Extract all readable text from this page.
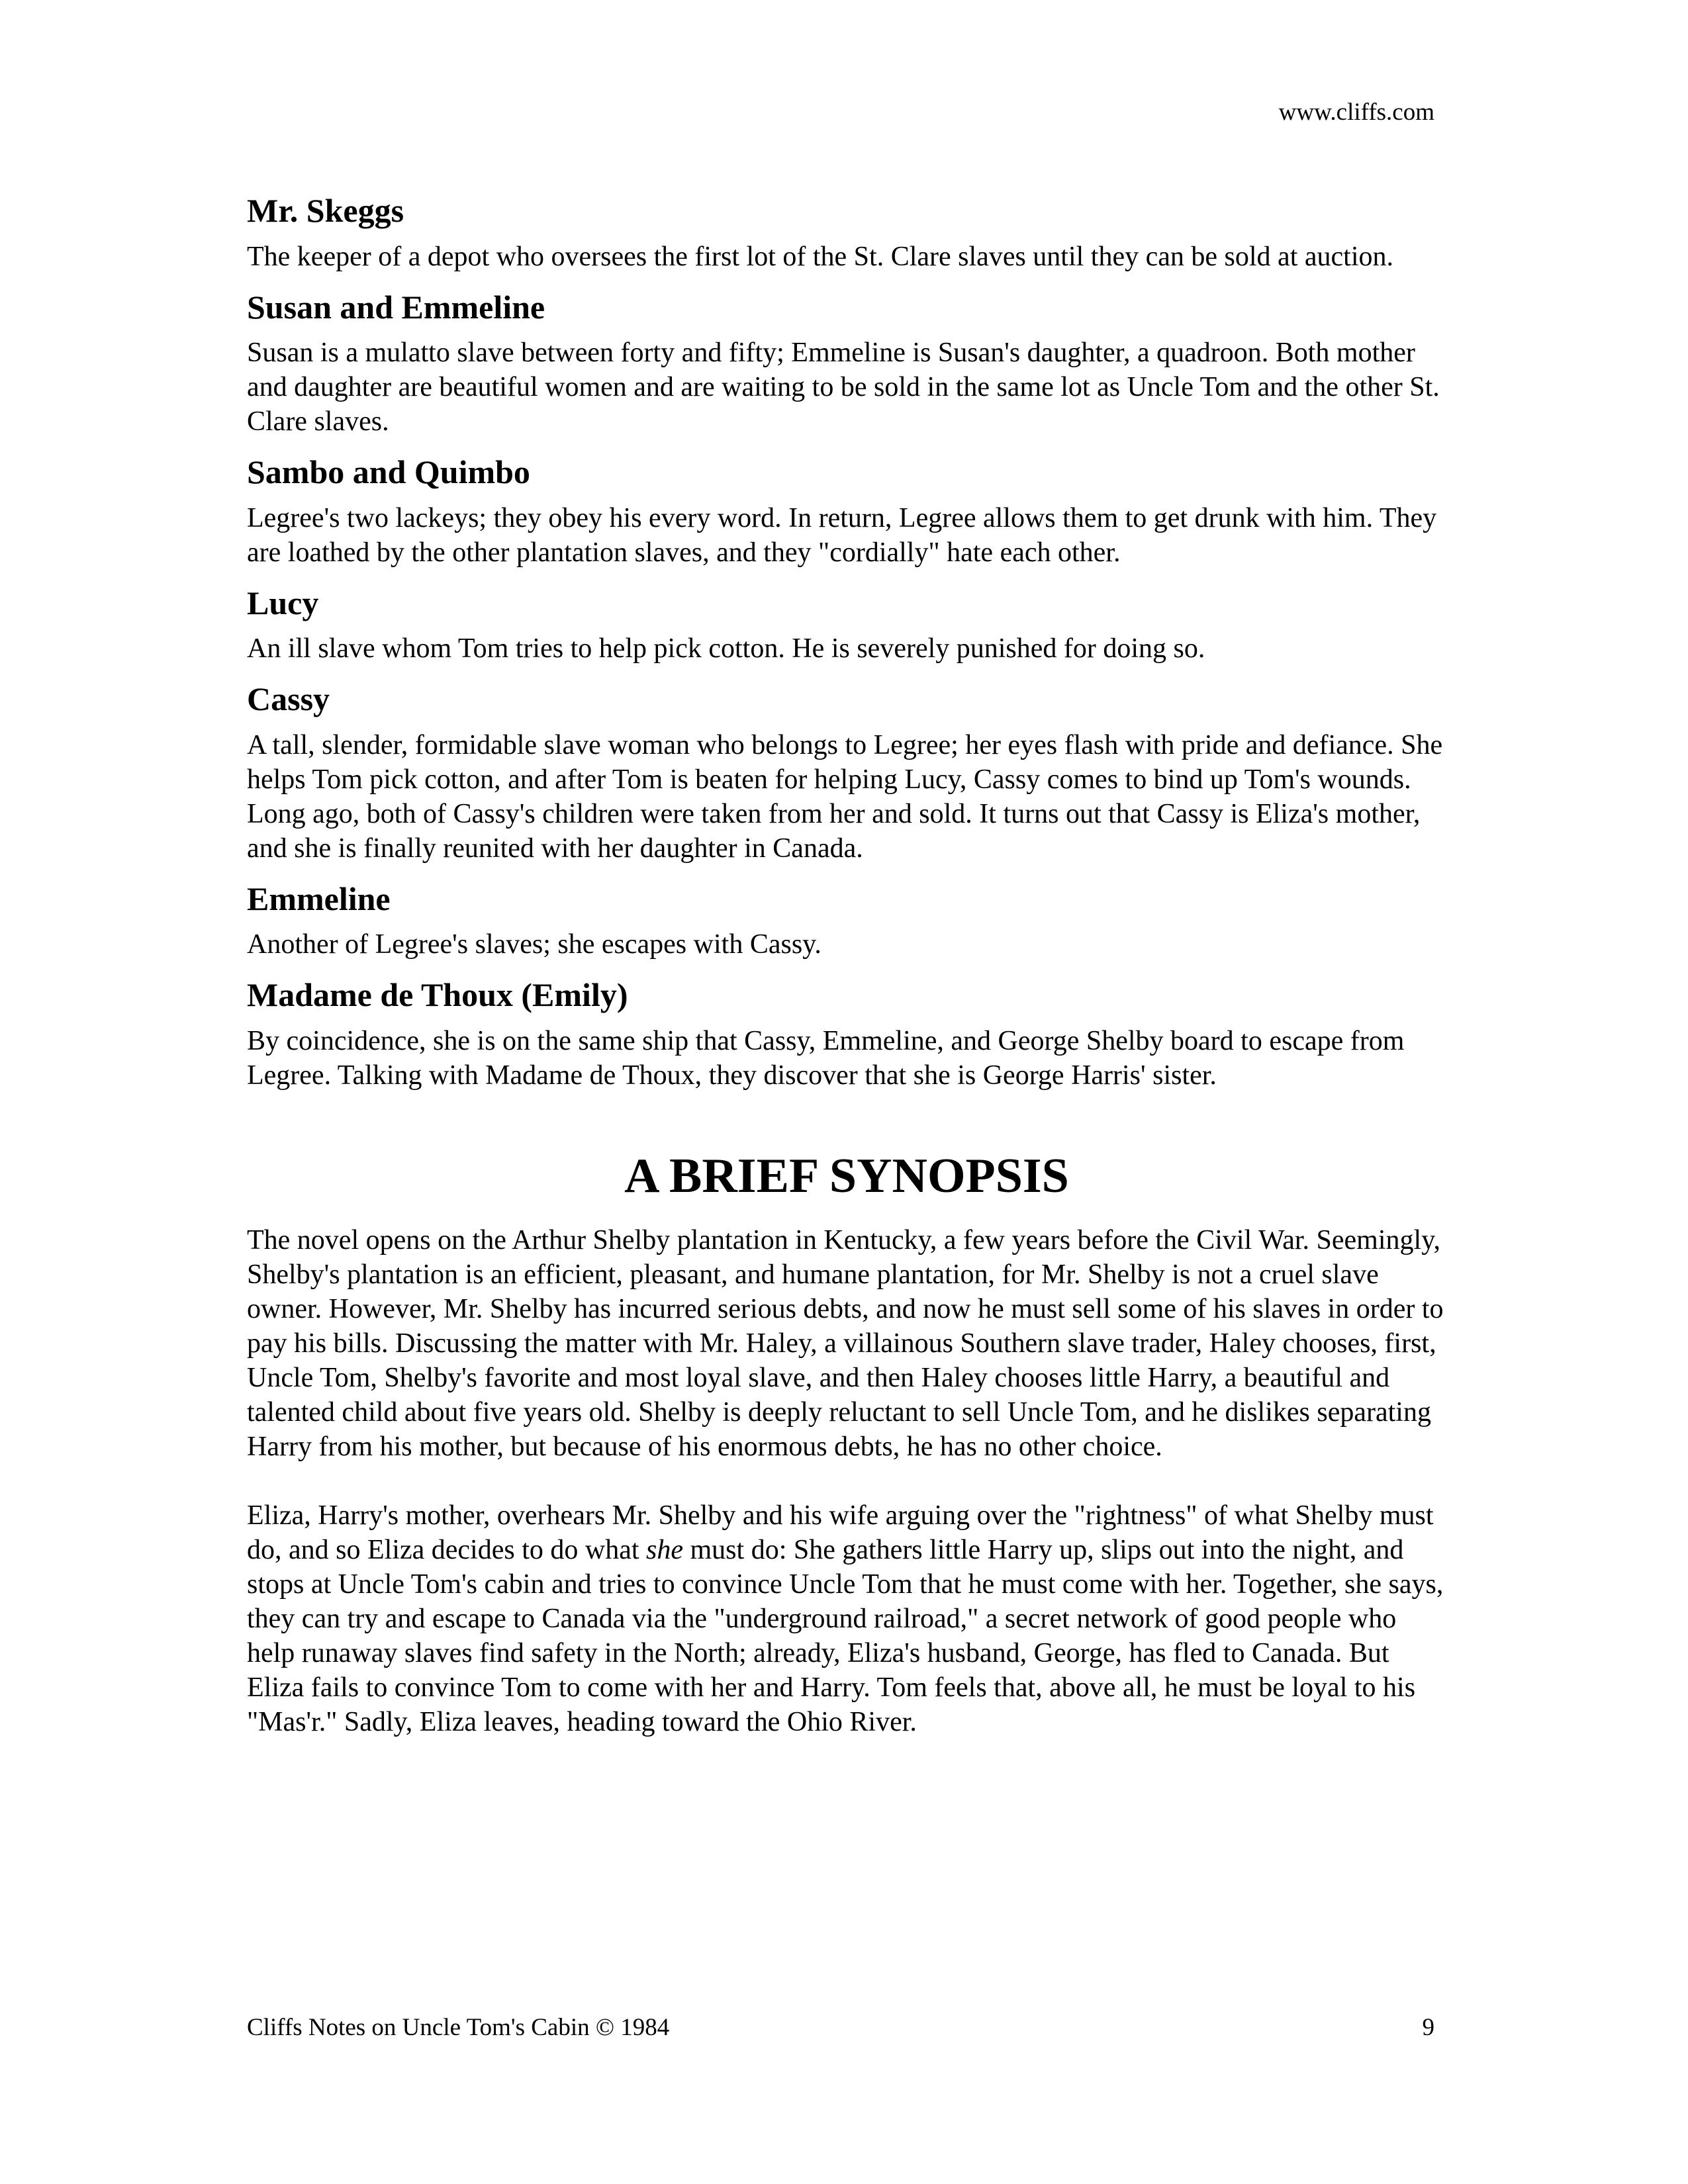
www.cliffs.com
Mr. Skeggs

The keeper of a depot who oversees the first lot of the St. Clare slaves until they can be sold at auction.

Susan and Emmeline

Susan is a mulatto slave between forty and fifty; Emmeline is Susan's daughter, a quadroon. Both mother and daughter are beautiful women and are waiting to be sold in the same lot as Uncle Tom and the other St. Clare slaves.

Sambo and Quimbo

Legree's two lackeys; they obey his every word. In return, Legree allows them to get drunk with him. They are loathed by the other plantation slaves, and they "cordially" hate each other.

Lucy

An ill slave whom Tom tries to help pick cotton. He is severely punished for doing so.

Cassy

A tall, slender, formidable slave woman who belongs to Legree; her eyes flash with pride and defiance. She helps Tom pick cotton, and after Tom is beaten for helping Lucy, Cassy comes to bind up Tom's wounds. Long ago, both of Cassy's children were taken from her and sold. It turns out that Cassy is Eliza's mother, and she is finally reunited with her daughter in Canada.

Emmeline

Another of Legree's slaves; she escapes with Cassy.

Madame de Thoux (Emily)

By coincidence, she is on the same ship that Cassy, Emmeline, and George Shelby board to escape from Legree. Talking with Madame de Thoux, they discover that she is George Harris' sister.

A BRIEF SYNOPSIS

The novel opens on the Arthur Shelby plantation in Kentucky, a few years before the Civil War. Seemingly, Shelby's plantation is an efficient, pleasant, and humane plantation, for Mr. Shelby is not a cruel slave owner. However, Mr. Shelby has incurred serious debts, and now he must sell some of his slaves in order to pay his bills. Discussing the matter with Mr. Haley, a villainous Southern slave trader, Haley chooses, first, Uncle Tom, Shelby's favorite and most loyal slave, and then Haley chooses little Harry, a beautiful and talented child about five years old. Shelby is deeply reluctant to sell Uncle Tom, and he dislikes separating Harry from his mother, but because of his enormous debts, he has no other choice.

Eliza, Harry's mother, overhears Mr. Shelby and his wife arguing over the "rightness" of what Shelby must do, and so Eliza decides to do what she must do: She gathers little Harry up, slips out into the night, and stops at Uncle Tom's cabin and tries to convince Uncle Tom that he must come with her. Together, she says, they can try and escape to Canada via the "underground railroad," a secret network of good people who help runaway slaves find safety in the North; already, Eliza's husband, George, has fled to Canada. But Eliza fails to convince Tom to come with her and Harry. Tom feels that, above all, he must be loyal to his "Mas'r." Sadly, Eliza leaves, heading toward the Ohio River.

Cliffs Notes on Uncle Tom's Cabin © 1984	9
